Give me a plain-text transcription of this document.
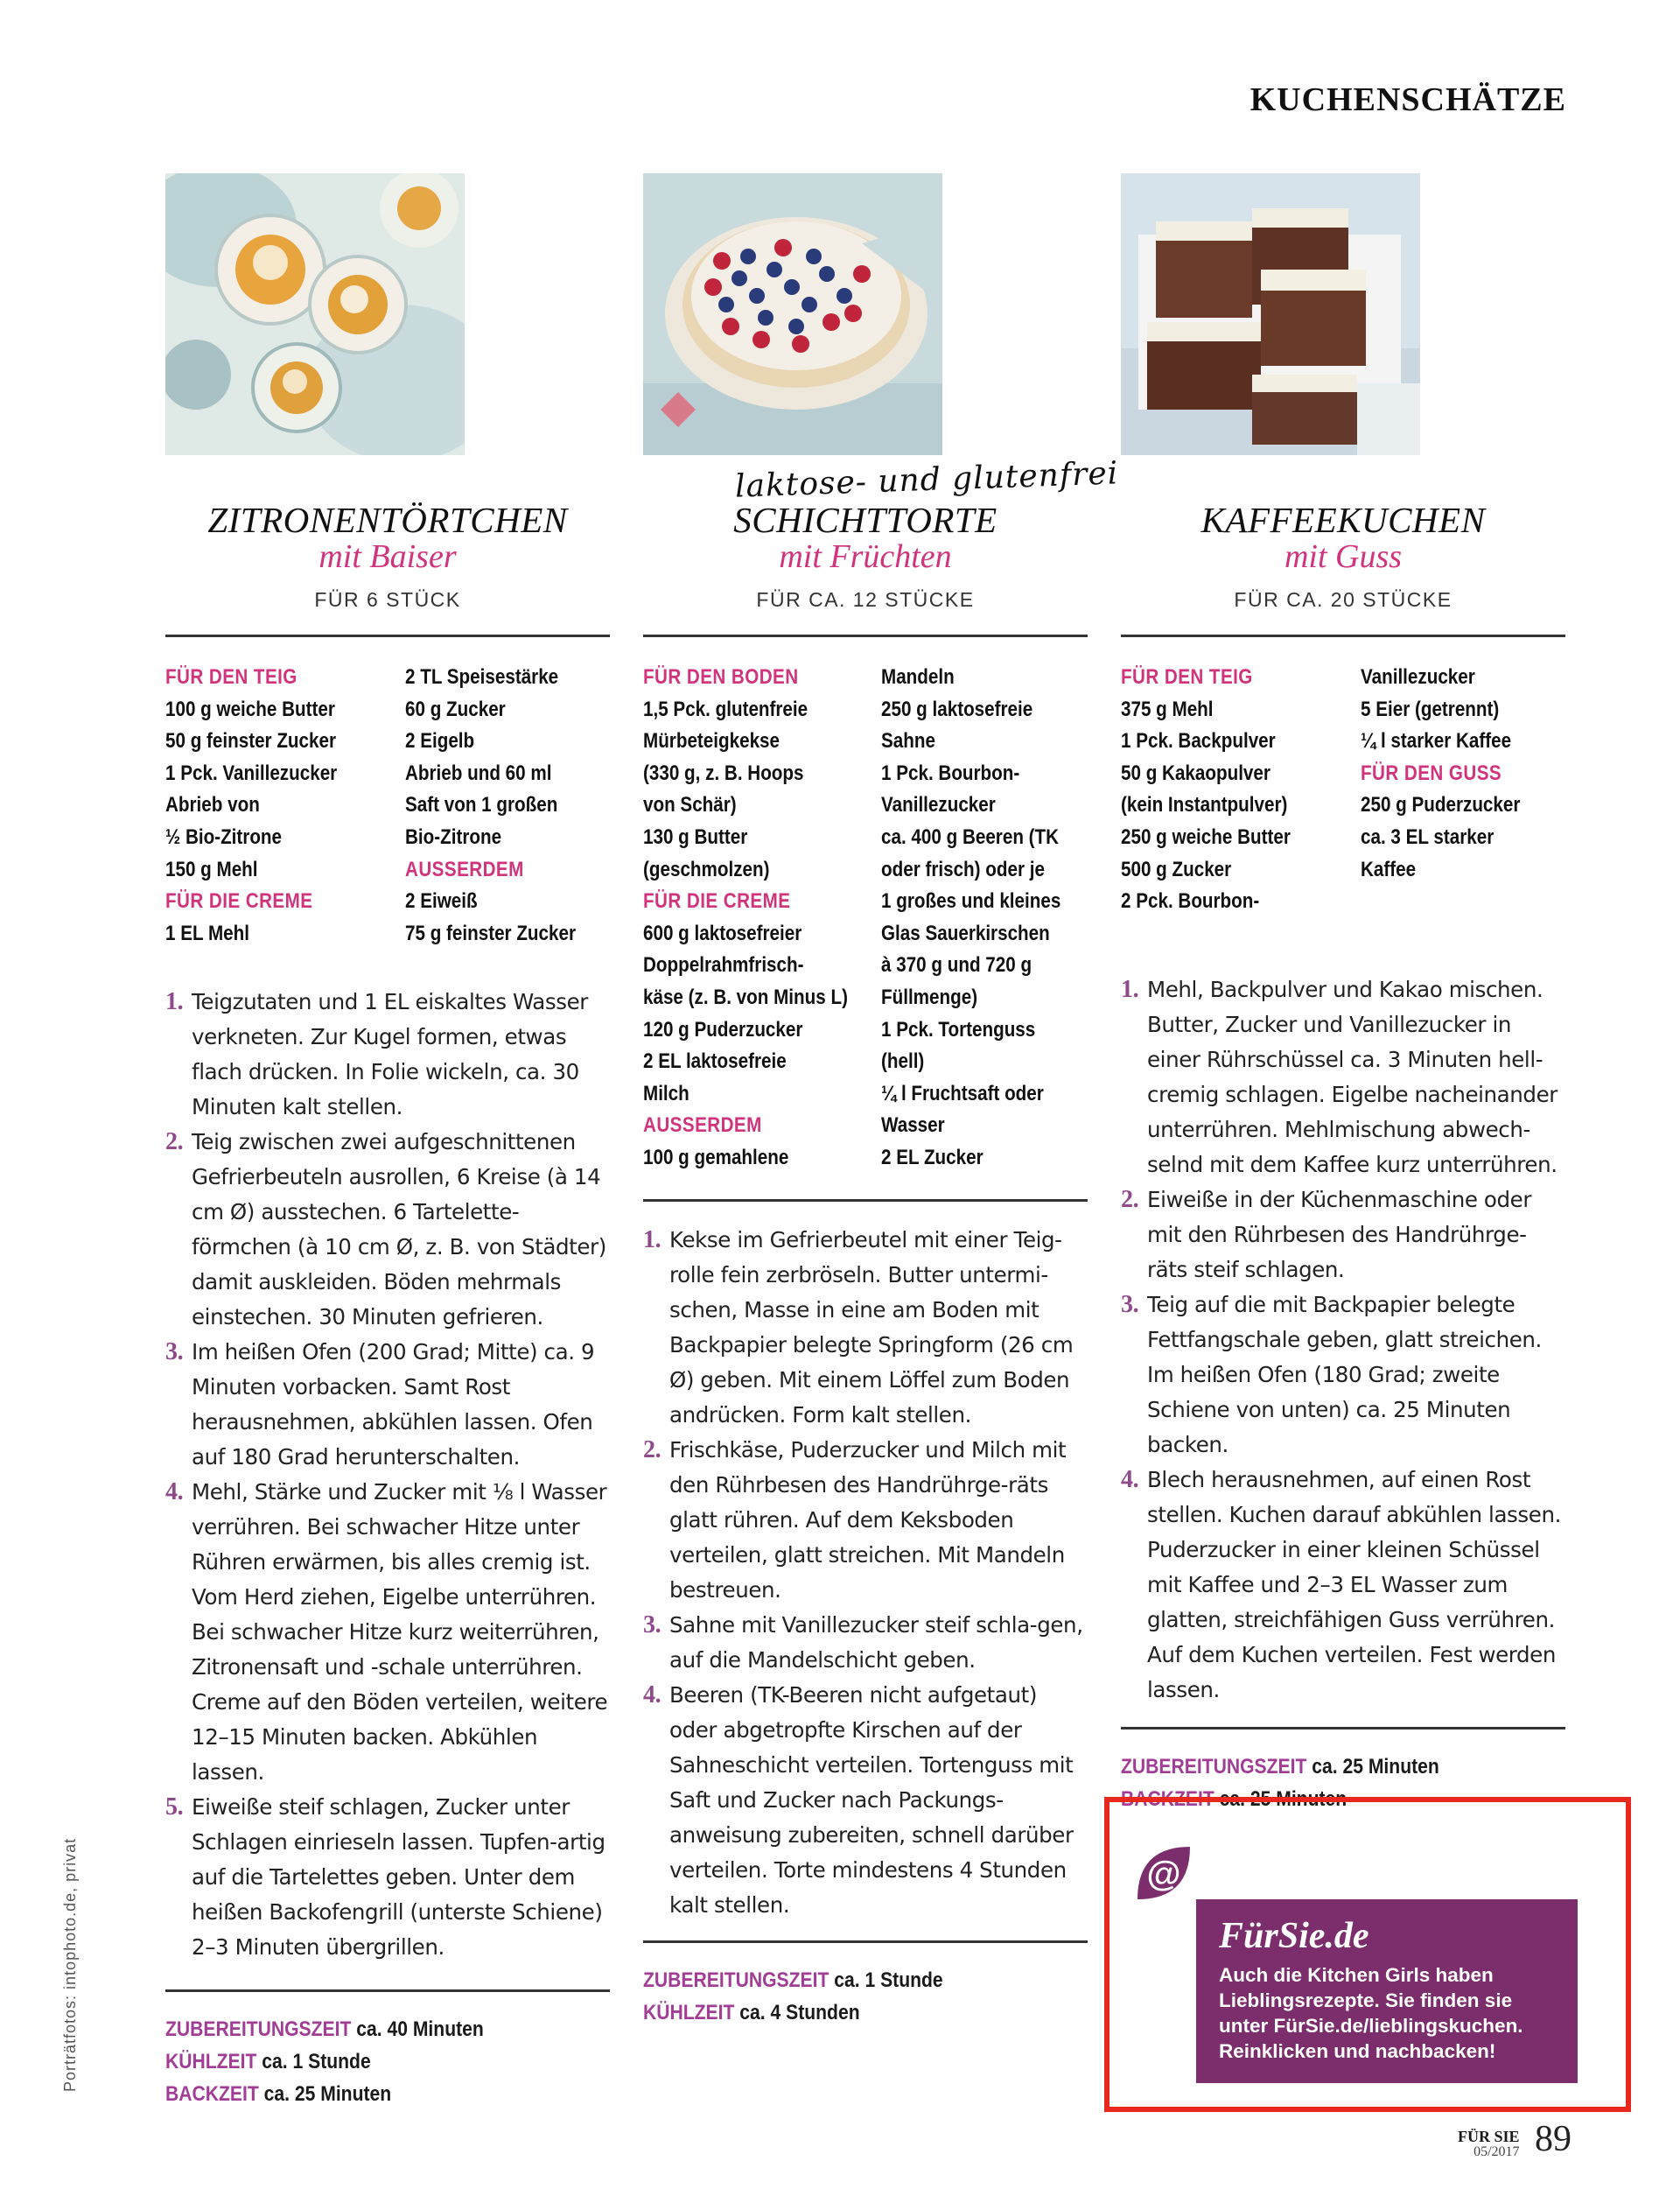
KUCHENSCHÄTZE
laktose- und glutenfrei
ZITRONENTÖRTCHEN
mit Baiser
FÜR 6 STÜCK
FÜR DEN TEIG
100 g weiche Butter
50 g feinster Zucker
1 Pck. Vanillezucker
Abrieb von
½ Bio-Zitrone
150 g Mehl
FÜR DIE CREME
1 EL Mehl
2 TL Speisestärke
60 g Zucker
2 Eigelb
Abrieb und 60 ml
Saft von 1 großen
Bio-Zitrone
AUSSERDEM
2 Eiweiß
75 g feinster Zucker
1. Teigzutaten und 1 EL eiskaltes Wasser verkneten. Zur Kugel formen, etwas flach drücken. In Folie wickeln, ca. 30 Minuten kalt stellen.
2. Teig zwischen zwei aufgeschnittenen Gefrierbeuteln ausrollen, 6 Kreise (à 14 cm Ø) ausstechen. 6 Tartelette-förmchen (à 10 cm Ø, z. B. von Städter) damit auskleiden. Böden mehrmals einstechen. 30 Minuten gefrieren.
3. Im heißen Ofen (200 Grad; Mitte) ca. 9 Minuten vorbacken. Samt Rost herausnehmen, abkühlen lassen. Ofen auf 180 Grad herunterschalten.
4. Mehl, Stärke und Zucker mit ⅛ l Wasser verrühren. Bei schwacher Hitze unter Rühren erwärmen, bis alles cremig ist. Vom Herd ziehen, Eigelbe unterrühren. Bei schwacher Hitze kurz weiterrühren, Zitronensaft und -schale unterrühren. Creme auf den Böden verteilen, weitere 12–15 Minuten backen. Abkühlen lassen.
5. Eiweiße steif schlagen, Zucker unter Schlagen einrieseln lassen. Tupfen-artig auf die Tartelettes geben. Unter dem heißen Backofengrill (unterste Schiene) 2–3 Minuten übergrillen.
ZUBEREITUNGSZEIT ca. 40 Minuten
KÜHLZEIT ca. 1 Stunde
BACKZEIT ca. 25 Minuten
SCHICHTTORTE
mit Früchten
FÜR CA. 12 STÜCKE
FÜR DEN BODEN
1,5 Pck. glutenfreie
Mürbeteigkekse
(330 g, z. B. Hoops
von Schär)
130 g Butter
(geschmolzen)
FÜR DIE CREME
600 g laktosefreier
Doppelrahmfrisch-
käse (z. B. von Minus L)
120 g Puderzucker
2 EL laktosefreie
Milch
AUSSERDEM
100 g gemahlene
Mandeln
250 g laktosefreie
Sahne
1 Pck. Bourbon-
Vanillezucker
ca. 400 g Beeren (TK
oder frisch) oder je
1 großes und kleines
Glas Sauerkirschen
à 370 g und 720 g
Füllmenge)
1 Pck. Tortenguss
(hell)
¼ l Fruchtsaft oder
Wasser
2 EL Zucker
1. Kekse im Gefrierbeutel mit einer Teig-rolle fein zerbröseln. Butter untermi-schen, Masse in eine am Boden mit Backpapier belegte Springform (26 cm Ø) geben. Mit einem Löffel zum Boden andrücken. Form kalt stellen.
2. Frischkäse, Puderzucker und Milch mit den Rührbesen des Handrührge-räts glatt rühren. Auf dem Keksboden verteilen, glatt streichen. Mit Mandeln bestreuen.
3. Sahne mit Vanillezucker steif schla-gen, auf die Mandelschicht geben.
4. Beeren (TK-Beeren nicht aufgetaut) oder abgetropfte Kirschen auf der Sahneschicht verteilen. Tortenguss mit Saft und Zucker nach Packungs-anweisung zubereiten, schnell darüber verteilen. Torte mindestens 4 Stunden kalt stellen.
ZUBEREITUNGSZEIT ca. 1 Stunde
KÜHLZEIT ca. 4 Stunden
KAFFEEKUCHEN
mit Guss
FÜR CA. 20 STÜCKE
FÜR DEN TEIG
375 g Mehl
1 Pck. Backpulver
50 g Kakaopulver
(kein Instantpulver)
250 g weiche Butter
500 g Zucker
2 Pck. Bourbon-
Vanillezucker
5 Eier (getrennt)
¼ l starker Kaffee
FÜR DEN GUSS
250 g Puderzucker
ca. 3 EL starker
Kaffee
1. Mehl, Backpulver und Kakao mischen. Butter, Zucker und Vanillezucker in einer Rührschüssel ca. 3 Minuten hell-cremig schlagen. Eigelbe nacheinander unterrühren. Mehlmischung abwech-selnd mit dem Kaffee kurz unterrühren.
2. Eiweiße in der Küchenmaschine oder mit den Rührbesen des Handrührge-räts steif schlagen.
3. Teig auf die mit Backpapier belegte Fettfangschale geben, glatt streichen. Im heißen Ofen (180 Grad; zweite Schiene von unten) ca. 25 Minuten backen.
4. Blech herausnehmen, auf einen Rost stellen. Kuchen darauf abkühlen lassen. Puderzucker in einer kleinen Schüssel mit Kaffee und 2–3 EL Wasser zum glatten, streichfähigen Guss verrühren. Auf dem Kuchen verteilen. Fest werden lassen.
ZUBEREITUNGSZEIT ca. 25 Minuten
BACKZEIT ca. 25 Minuten
Porträtfotos: intophoto.de, privat	@
FürSie.de
Auch die Kitchen Girls haben Lieblingsrezepte. Sie finden sie unter FürSie.de/lieblingskuchen. Reinklicken und nachbacken!
FÜR SIE
05/2017 89
